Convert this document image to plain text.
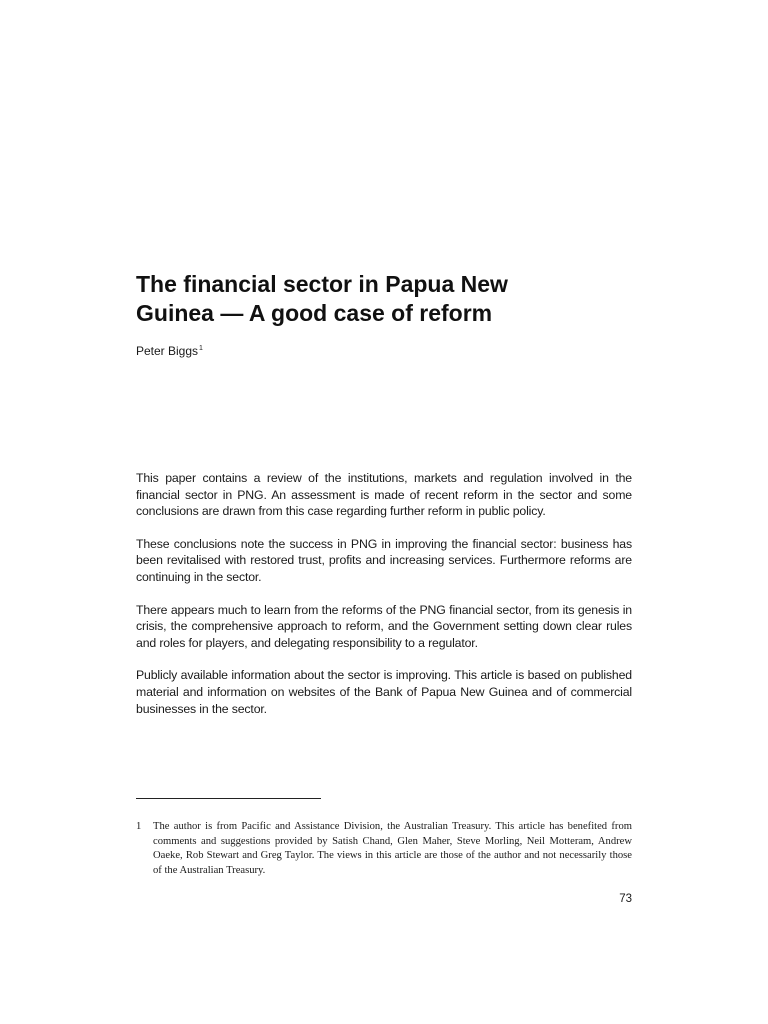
The financial sector in Papua New
Guinea — A good case of reform
Peter Biggs$^1$

This paper contains a review of the institutions, markets and regulation involved in the financial sector in PNG. An assessment is made of recent reform in the sector and some conclusions are drawn from this case regarding further reform in public policy.

These conclusions note the success in PNG in improving the financial sector: business has been revitalised with restored trust, profits and increasing services. Furthermore reforms are continuing in the sector.

There appears much to learn from the reforms of the PNG financial sector, from its genesis in crisis, the comprehensive approach to reform, and the Government setting down clear rules and roles for players, and delegating responsibility to a regulator.

Publicly available information about the sector is improving. This article is based on published material and information on websites of the Bank of Papua New Guinea and of commercial businesses in the sector.

1 The author is from Pacific and Assistance Division, the Australian Treasury. This article has benefited from comments and suggestions provided by Satish Chand, Glen Maher, Steve Morling, Neil Motteram, Andrew Oaeke, Rob Stewart and Greg Taylor. The views in this article are those of the author and not necessarily those of the Australian Treasury.
73
